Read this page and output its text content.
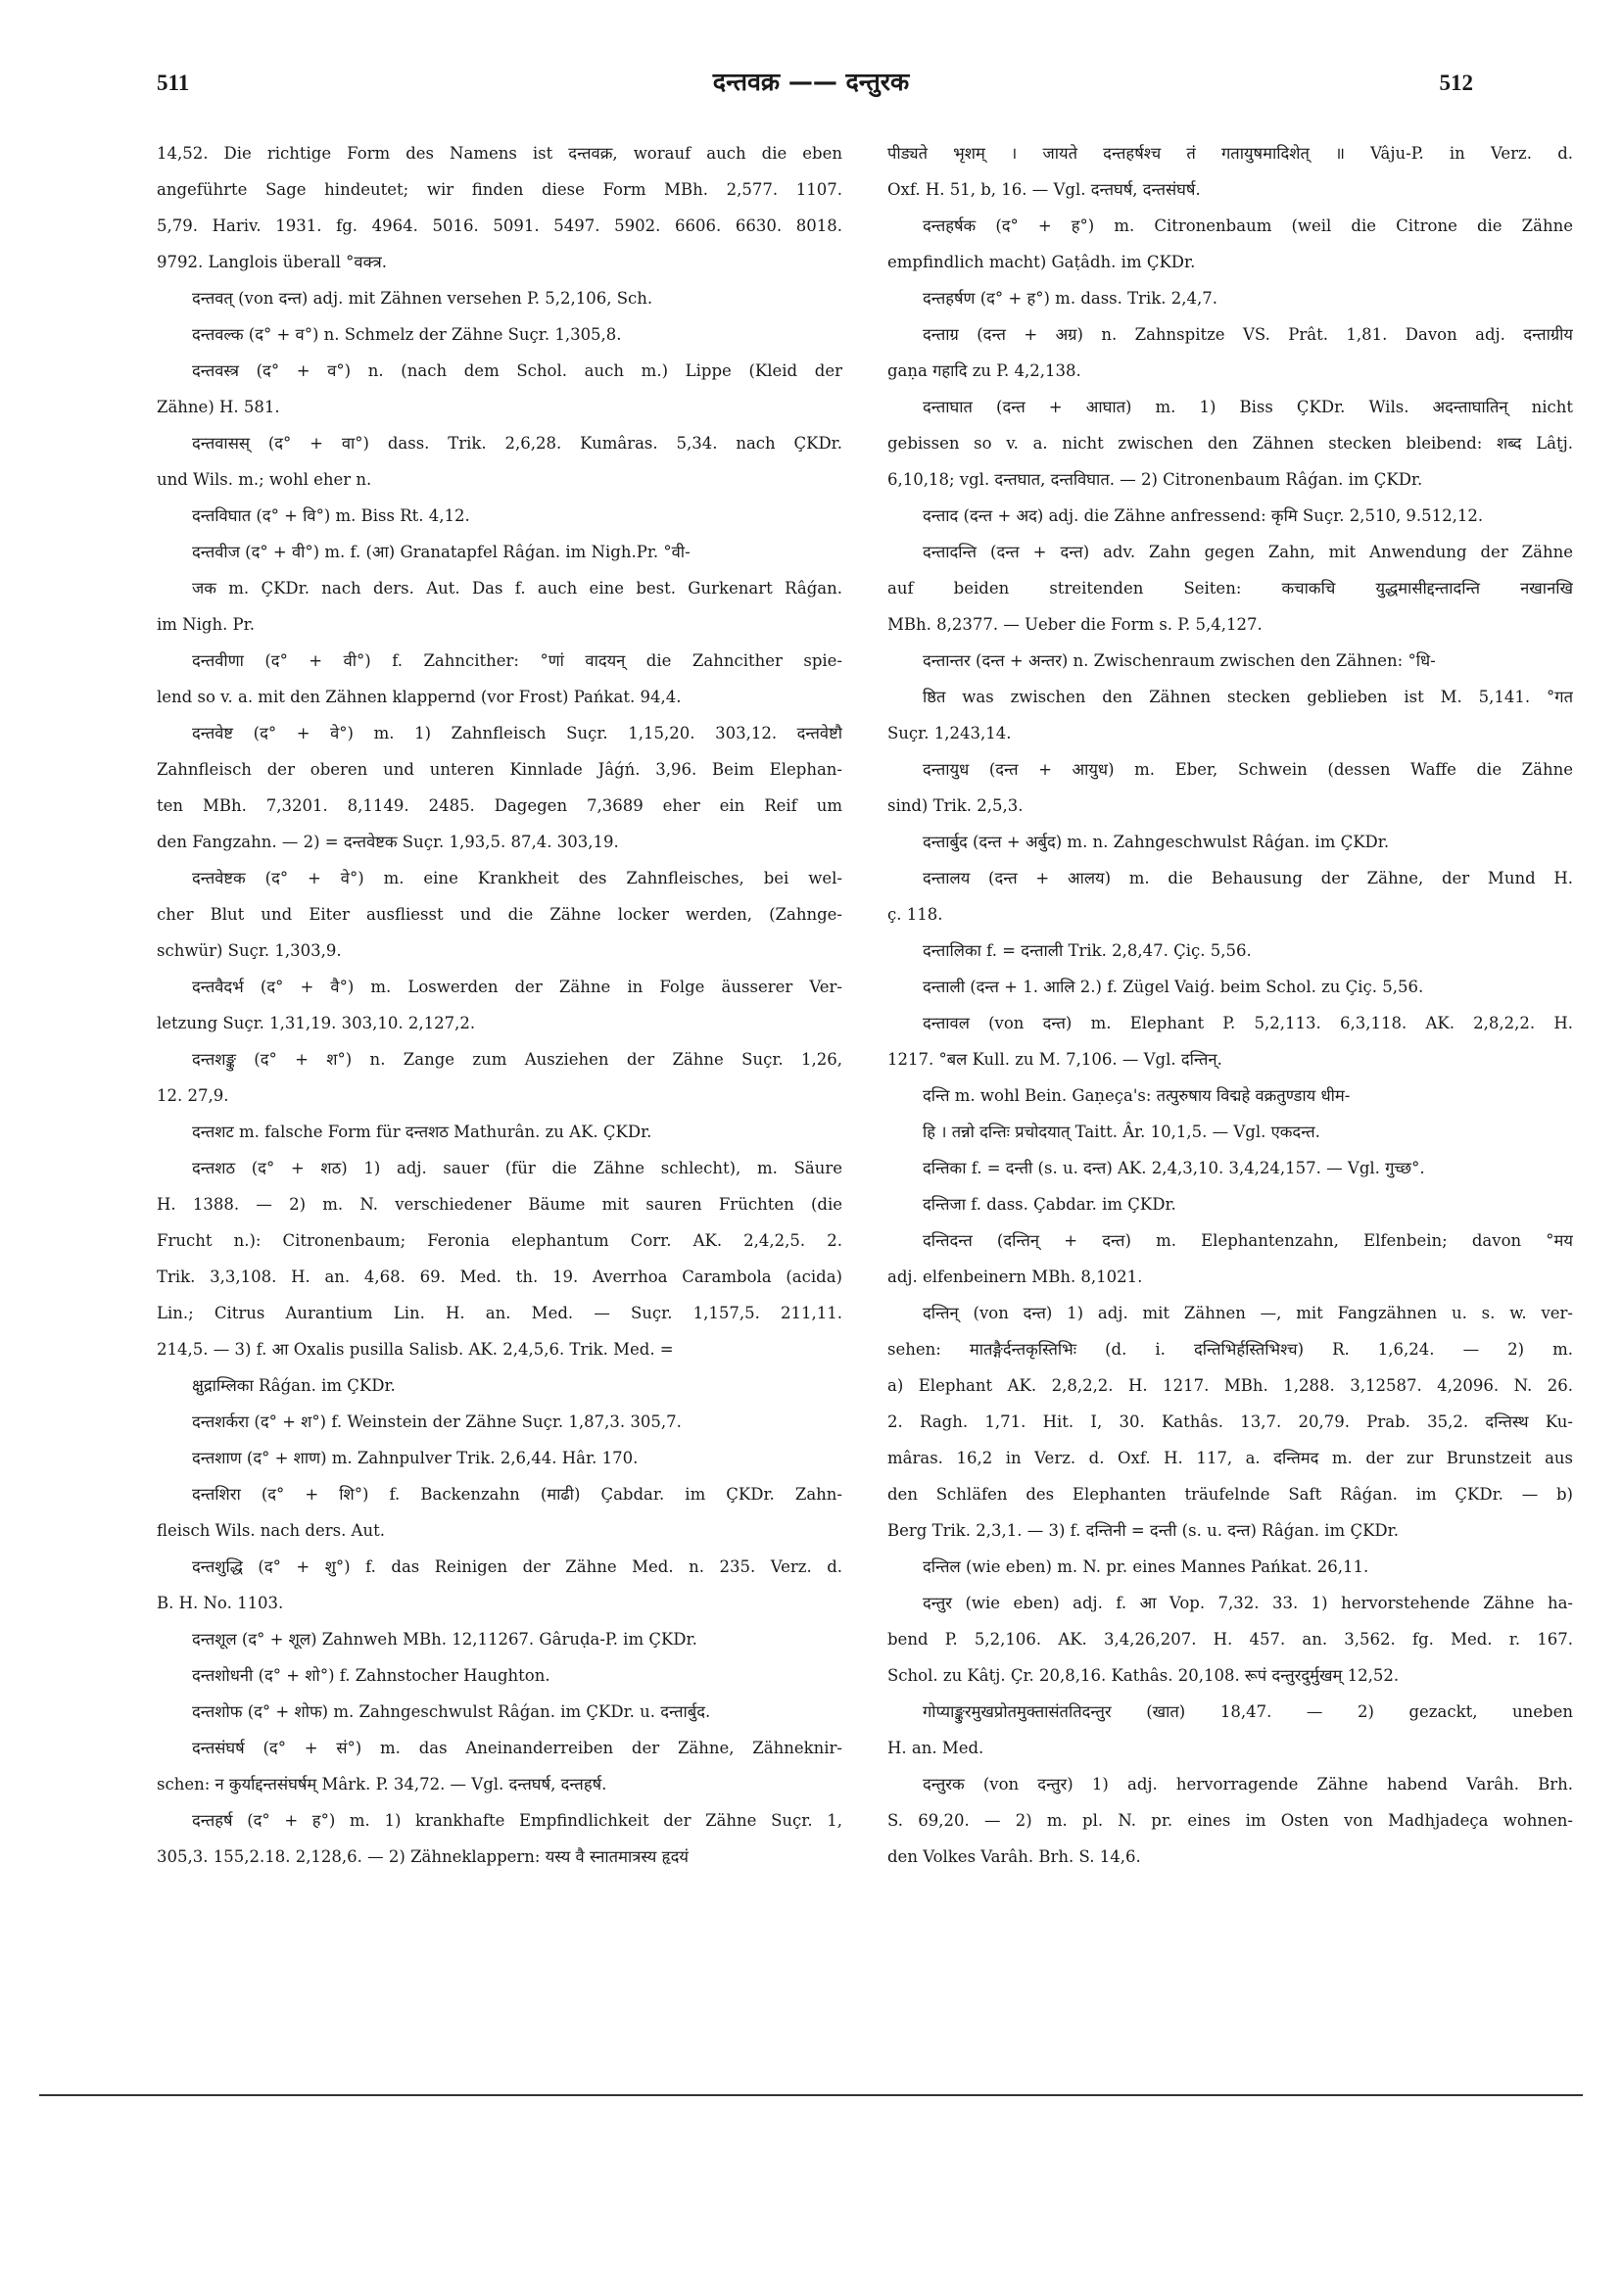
511	दन्तवक्र —— दन्तुरक	512
14,52. Die richtige Form des Namens ist दन्तवक्र, worauf auch die eben
angeführte Sage hindeutet; wir finden diese Form MBh. 2,577. 1107.
5,79. Hariv. 1931. fg. 4964. 5016. 5091. 5497. 5902. 6606. 6630. 8018.
9792. Langlois überall °वक्त्र.
दन्तवत् (von दन्त) adj. mit Zähnen versehen P. 5,2,106, Sch.
दन्तवल्क (द° + व°) n. Schmelz der Zähne Suçr. 1,305,8.
दन्तवस्त्र (द° + व°) n. (nach dem Schol. auch m.) Lippe (Kleid der
Zähne) H. 581.
दन्तवासस् (द° + वा°) dass. Trik. 2,6,28. Kumâras. 5,34. nach ÇKDr.
und Wils. m.; wohl eher n.
दन्तविघात (द° + वि°) m. Biss Rt. 4,12.
दन्तवीज (द° + वी°) m. f. (आ) Granatapfel Râǵan. im Nigh.Pr. °वी-
जक m. ÇKDr. nach ders. Aut. Das f. auch eine best. Gurkenart Râǵan.
im Nigh. Pr.
दन्तवीणा (द° + वी°) f. Zahncither: °णां वादयन् die Zahncither spie-
lend so v. a. mit den Zähnen klappernd (vor Frost) Pańkat. 94,4.
दन्तवेष्ट (द° + वे°) m. 1) Zahnfleisch Suçr. 1,15,20. 303,12. दन्तवेष्टौ
Zahnfleisch der oberen und unteren Kinnlade Jâǵń. 3,96. Beim Elephan-
ten MBh. 7,3201. 8,1149. 2485. Dagegen 7,3689 eher ein Reif um
den Fangzahn. — 2) = दन्तवेष्टक Suçr. 1,93,5. 87,4. 303,19.
दन्तवेष्टक (द° + वे°) m. eine Krankheit des Zahnfleisches, bei wel-
cher Blut und Eiter ausfliesst und die Zähne locker werden, (Zahnge-
schwür) Suçr. 1,303,9.
दन्तवैदर्भ (द° + वै°) m. Loswerden der Zähne in Folge äusserer Ver-
letzung Suçr. 1,31,19. 303,10. 2,127,2.
दन्तशङ्कु (द° + श°) n. Zange zum Ausziehen der Zähne Suçr. 1,26,
12. 27,9.
दन्तशट m. falsche Form für दन्तशठ Mathurân. zu AK. ÇKDr.
दन्तशठ (द° + शठ) 1) adj. sauer (für die Zähne schlecht), m. Säure
H. 1388. — 2) m. N. verschiedener Bäume mit sauren Früchten (die
Frucht n.): Citronenbaum; Feronia elephantum Corr. AK. 2,4,2,5. 2.
Trik. 3,3,108. H. an. 4,68. 69. Med. th. 19. Averrhoa Carambola (acida)
Lin.; Citrus Aurantium Lin. H. an. Med. — Suçr. 1,157,5. 211,11.
214,5. — 3) f. आ Oxalis pusilla Salisb. AK. 2,4,5,6. Trik. Med. =
क्षुद्राम्लिका Râǵan. im ÇKDr.
दन्तशर्करा (द° + श°) f. Weinstein der Zähne Suçr. 1,87,3. 305,7.
दन्तशाण (द° + शाण) m. Zahnpulver Trik. 2,6,44. Hâr. 170.
दन्तशिरा (द° + शि°) f. Backenzahn (माढी) Çabdar. im ÇKDr. Zahn-
fleisch Wils. nach ders. Aut.
दन्तशुद्धि (द° + शु°) f. das Reinigen der Zähne Med. n. 235. Verz. d.
B. H. No. 1103.
दन्तशूल (द° + शूल) Zahnweh MBh. 12,11267. Gâruḍa-P. im ÇKDr.
दन्तशोधनी (द° + शो°) f. Zahnstocher Haughton.
दन्तशोफ (द° + शोफ) m. Zahngeschwulst Râǵan. im ÇKDr. u. दन्तार्बुद.
दन्तसंघर्ष (द° + सं°) m. das Aneinanderreiben der Zähne, Zähneknir-
schen: न कुर्याद्दन्तसंघर्षम् Mârk. P. 34,72. — Vgl. दन्तघर्ष, दन्तहर्ष.
दन्तहर्ष (द° + ह°) m. 1) krankhafte Empfindlichkeit der Zähne Suçr. 1,
305,3. 155,2.18. 2,128,6. — 2) Zähneklappern: यस्य वै स्नातमात्रस्य हृदयं
पीड्यते भृशम् । जायते दन्तहर्षश्च तं गतायुषमादिशेत् ॥ Vâju-P. in Verz. d.
Oxf. H. 51, b, 16. — Vgl. दन्तघर्ष, दन्तसंघर्ष.
दन्तहर्षक (द° + ह°) m. Citronenbaum (weil die Citrone die Zähne
empfindlich macht) Gaṭâdh. im ÇKDr.
दन्तहर्षण (द° + ह°) m. dass. Trik. 2,4,7.
दन्ताग्र (दन्त + अग्र) n. Zahnspitze VS. Prât. 1,81. Davon adj. दन्ताग्रीय
gaṇa गहादि zu P. 4,2,138.
दन्ताघात (दन्त + आघात) m. 1) Biss ÇKDr. Wils. अदन्ताघातिन् nicht
gebissen so v. a. nicht zwischen den Zähnen stecken bleibend: शब्द Lâṭj.
6,10,18; vgl. दन्तघात, दन्तविघात. — 2) Citronenbaum Râǵan. im ÇKDr.
दन्ताद (दन्त + अद) adj. die Zähne anfressend: कृमि Suçr. 2,510, 9.512,12.
दन्तादन्ति (दन्त + दन्त) adv. Zahn gegen Zahn, mit Anwendung der Zähne
auf beiden streitenden Seiten: कचाकचि युद्धमासीद्दन्तादन्ति नखानखि
MBh. 8,2377. — Ueber die Form s. P. 5,4,127.
दन्तान्तर (दन्त + अन्तर) n. Zwischenraum zwischen den Zähnen: °धि-
ष्ठित was zwischen den Zähnen stecken geblieben ist M. 5,141. °गत
Suçr. 1,243,14.
दन्तायुध (दन्त + आयुध) m. Eber, Schwein (dessen Waffe die Zähne
sind) Trik. 2,5,3.
दन्तार्बुद (दन्त + अर्बुद) m. n. Zahngeschwulst Râǵan. im ÇKDr.
दन्तालय (दन्त + आलय) m. die Behausung der Zähne, der Mund H.
ç. 118.
दन्तालिका f. = दन्ताली Trik. 2,8,47. Çiç. 5,56.
दन्ताली (दन्त + 1. आलि 2.) f. Zügel Vaiǵ. beim Schol. zu Çiç. 5,56.
दन्तावल (von दन्त) m. Elephant P. 5,2,113. 6,3,118. AK. 2,8,2,2. H.
1217. °बल Kull. zu M. 7,106. — Vgl. दन्तिन्.
दन्ति m. wohl Bein. Gaṇeça's: तत्पुरुषाय विद्महे वक्रतुण्डाय धीम-
हि । तन्नो दन्तिः प्रचोदयात् Taitt. Âr. 10,1,5. — Vgl. एकदन्त.
दन्तिका f. = दन्ती (s. u. दन्त) AK. 2,4,3,10. 3,4,24,157. — Vgl. गुच्छ°.
दन्तिजा f. dass. Çabdar. im ÇKDr.
दन्तिदन्त (दन्तिन् + दन्त) m. Elephantenzahn, Elfenbein; davon °मय
adj. elfenbeinern MBh. 8,1021.
दन्तिन् (von दन्त) 1) adj. mit Zähnen —, mit Fangzähnen u. s. w. ver-
sehen: मातङ्गैर्दन्तकृस्तिभिः (d. i. दन्तिभिर्हस्तिभिश्च) R. 1,6,24. — 2) m.
a) Elephant AK. 2,8,2,2. H. 1217. MBh. 1,288. 3,12587. 4,2096. N. 26.
2. Ragh. 1,71. Hit. I, 30. Kathâs. 13,7. 20,79. Prab. 35,2. दन्तिस्थ Ku-
mâras. 16,2 in Verz. d. Oxf. H. 117, a. दन्तिमद m. der zur Brunstzeit aus
den Schläfen des Elephanten träufelnde Saft Râǵan. im ÇKDr. — b)
Berg Trik. 2,3,1. — 3) f. दन्तिनी = दन्ती (s. u. दन्त) Râǵan. im ÇKDr.
दन्तिल (wie eben) m. N. pr. eines Mannes Pańkat. 26,11.
दन्तुर (wie eben) adj. f. आ Vop. 7,32. 33. 1) hervorstehende Zähne ha-
bend P. 5,2,106. AK. 3,4,26,207. H. 457. an. 3,562. fg. Med. r. 167.
Schol. zu Kâtj. Çr. 20,8,16. Kathâs. 20,108. रूपं दन्तुरदुर्मुखम् 12,52.
गोप्याङ्कुरमुखप्रोतमुक्तासंततिदन्तुर (खात) 18,47. — 2) gezackt, uneben
H. an. Med.
दन्तुरक (von दन्तुर) 1) adj. hervorragende Zähne habend Varâh. Brh.
S. 69,20. — 2) m. pl. N. pr. eines im Osten von Madhjadeça wohnen-
den Volkes Varâh. Brh. S. 14,6.
